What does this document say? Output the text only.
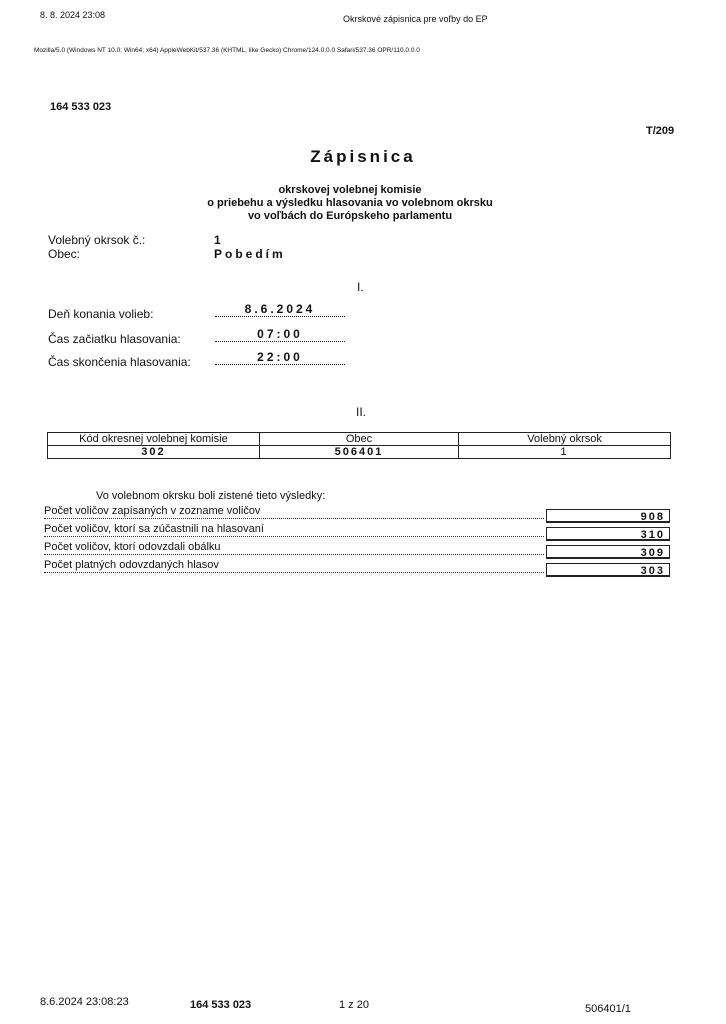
8. 8. 2024 23:08	Okrskové zápisnica pre voľby do EP
Mozilla/5.0 (Windows NT 10.0; Win64; x64) AppleWebKit/537.36 (KHTML, like Gecko) Chrome/124.0.0.0 Safari/537.36 OPR/110.0.0.0
164 533 023
T/209
Zápisnica
okrskovej volebnej komisie
o priebehu a výsledku hlasovania vo volebnom okrsku
vo voľbách do Európskeho parlamentu
Volebný okrsok č.:	1
Obec:	Pobedím
I.
Deň konania volieb:	8.6.2024
Čas začiatku hlasovania:	07:00
Čas skončenia hlasovania:	22:00
II.
Kód okresnej volebnej komisie	Obec	Volebný okrsok
302	506401	1
Vo volebnom okrsku boli zistené tieto výsledky:
Počet voličov zapísaných v zozname voličov	908
Počet voličov, ktorí sa zúčastnili na hlasovaní	310
Počet voličov, ktorí odovzdali obálku	309
Počet platných odovzdaných hlasov	303
8.6.2024 23:08:23	164 533 023	1 z 20	506401/1
